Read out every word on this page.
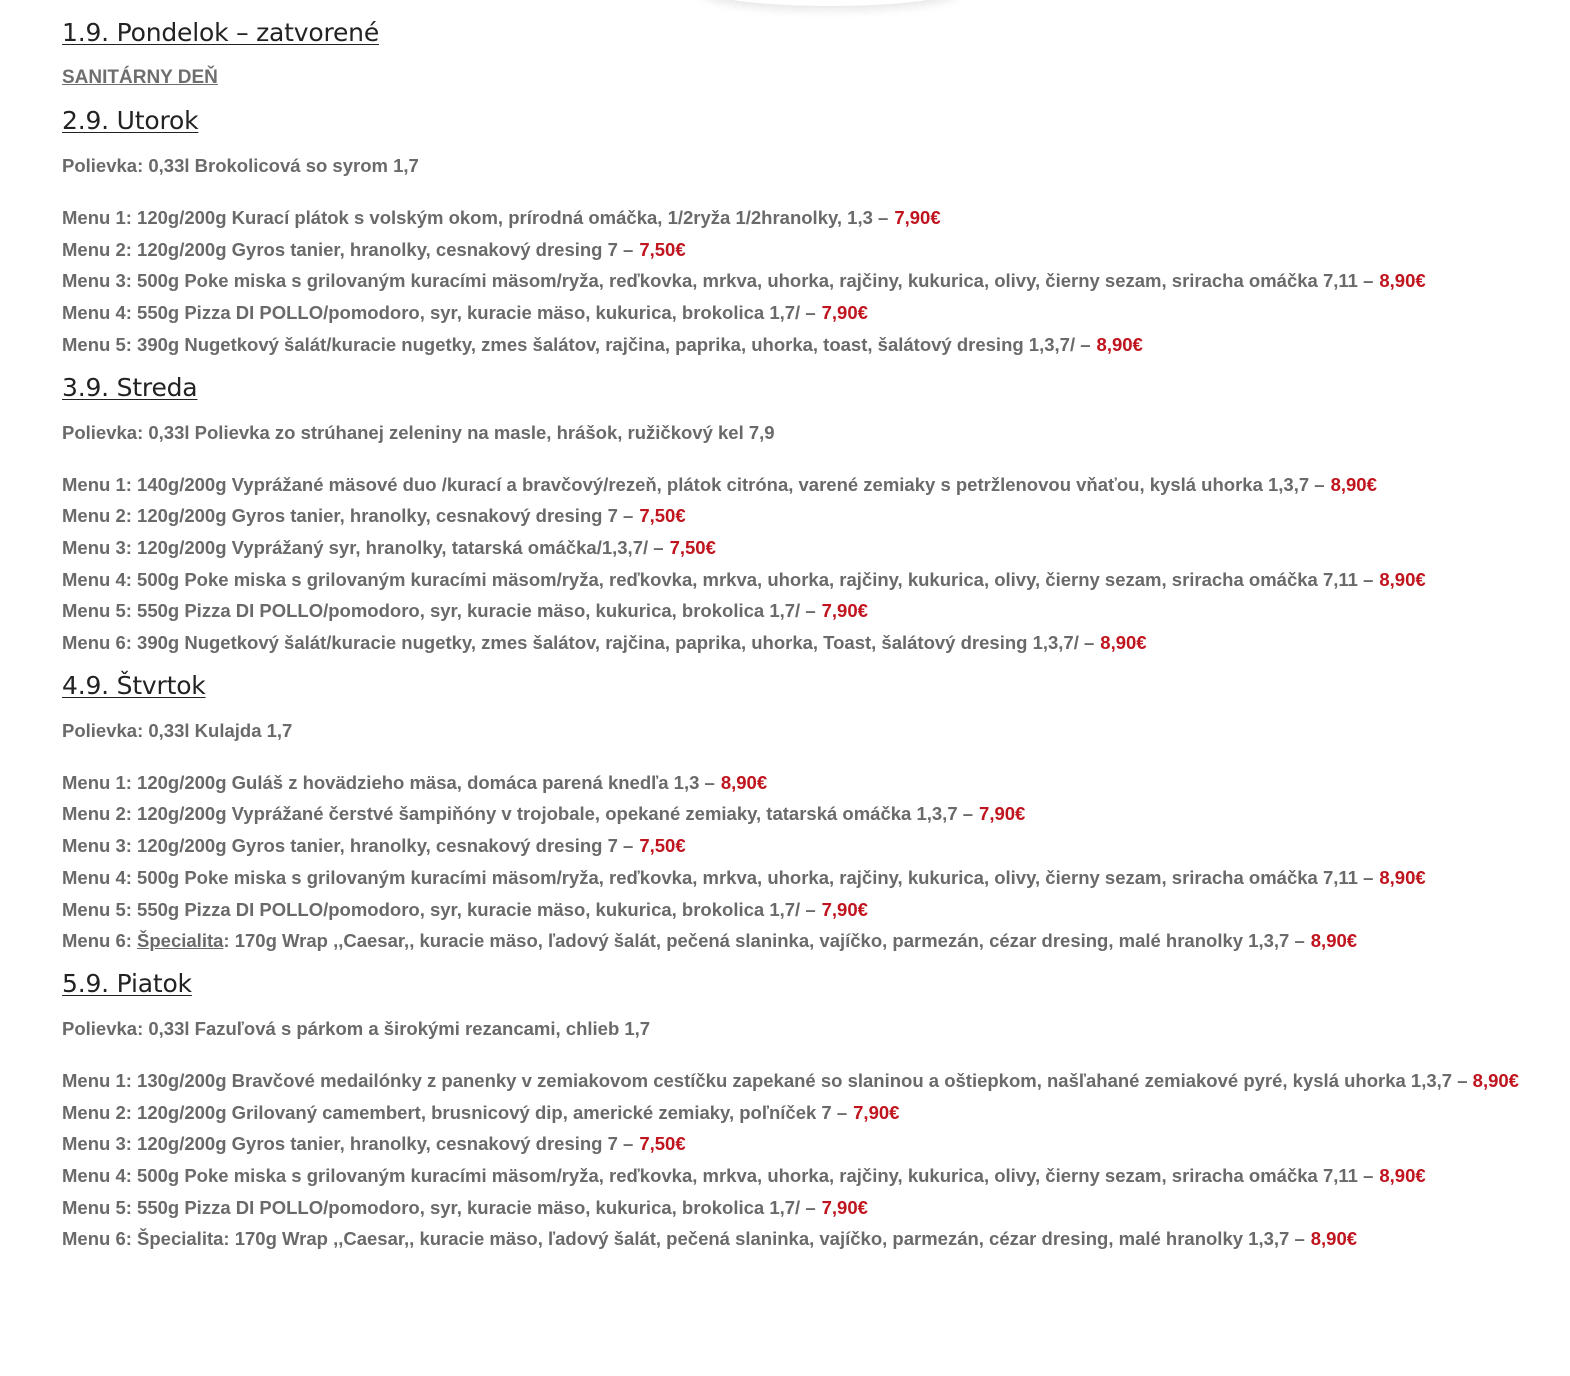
1.9. Pondelok – zatvorené
SANITÁRNY DEŇ
2.9. Utorok
Polievka: 0,33l Brokolicová so syrom 1,7
Menu 1: 120g/200g Kurací plátok s volským okom, prírodná omáčka, 1/2ryža 1/2hranolky, 1,3 – 7,90€
Menu 2: 120g/200g Gyros tanier, hranolky, cesnakový dresing 7 – 7,50€
Menu 3: 500g Poke miska s grilovaným kuracími mäsom/ryža, reďkovka, mrkva, uhorka, rajčiny, kukurica, olivy, čierny sezam, sriracha omáčka 7,11 – 8,90€
Menu 4: 550g Pizza DI POLLO/pomodoro, syr, kuracie mäso, kukurica, brokolica 1,7/ – 7,90€
Menu 5: 390g Nugetkový šalát/kuracie nugetky, zmes šalátov, rajčina, paprika, uhorka, toast, šalátový dresing 1,3,7/ – 8,90€
3.9. Streda
Polievka: 0,33l Polievka zo strúhanej zeleniny na masle, hrášok, ružičkový kel 7,9
Menu 1: 140g/200g Vyprážané mäsové duo /kurací a bravčový/rezeň, plátok citróna, varené zemiaky s petržlenovou vňaťou, kyslá uhorka 1,3,7 – 8,90€
Menu 2: 120g/200g Gyros tanier, hranolky, cesnakový dresing 7 – 7,50€
Menu 3: 120g/200g Vyprážaný syr, hranolky, tatarská omáčka/1,3,7/ – 7,50€
Menu 4: 500g Poke miska s grilovaným kuracími mäsom/ryža, reďkovka, mrkva, uhorka, rajčiny, kukurica, olivy, čierny sezam, sriracha omáčka 7,11 – 8,90€
Menu 5: 550g Pizza DI POLLO/pomodoro, syr, kuracie mäso, kukurica, brokolica 1,7/ – 7,90€
Menu 6: 390g Nugetkový šalát/kuracie nugetky, zmes šalátov, rajčina, paprika, uhorka, Toast, šalátový dresing 1,3,7/ – 8,90€
4.9. Štvrtok
Polievka: 0,33l Kulajda 1,7
Menu 1: 120g/200g Guláš z hovädzieho mäsa, domáca parená knedľa 1,3 – 8,90€
Menu 2: 120g/200g Vyprážané čerstvé šampiňóny v trojobale, opekané zemiaky, tatarská omáčka 1,3,7 – 7,90€
Menu 3: 120g/200g Gyros tanier, hranolky, cesnakový dresing 7 – 7,50€
Menu 4: 500g Poke miska s grilovaným kuracími mäsom/ryža, reďkovka, mrkva, uhorka, rajčiny, kukurica, olivy, čierny sezam, sriracha omáčka 7,11 – 8,90€
Menu 5: 550g Pizza DI POLLO/pomodoro, syr, kuracie mäso, kukurica, brokolica 1,7/ – 7,90€
Menu 6: Špecialita: 170g Wrap ,,Caesar,, kuracie mäso, ľadový šalát, pečená slaninka, vajíčko, parmezán, cézar dresing, malé hranolky 1,3,7 – 8,90€
5.9. Piatok
Polievka: 0,33l Fazuľová s párkom a širokými rezancami, chlieb 1,7
Menu 1: 130g/200g Bravčové medailónky z panenky v zemiakovom cestíčku zapekané so slaninou a oštiepkom, našľahané zemiakové pyré, kyslá uhorka 1,3,7 – 8,90€
Menu 2: 120g/200g Grilovaný camembert, brusnicový dip, americké zemiaky, poľníček 7 – 7,90€
Menu 3: 120g/200g Gyros tanier, hranolky, cesnakový dresing 7 – 7,50€
Menu 4: 500g Poke miska s grilovaným kuracími mäsom/ryža, reďkovka, mrkva, uhorka, rajčiny, kukurica, olivy, čierny sezam, sriracha omáčka 7,11 – 8,90€
Menu 5: 550g Pizza DI POLLO/pomodoro, syr, kuracie mäso, kukurica, brokolica 1,7/ – 7,90€
Menu 6: Špecialita: 170g Wrap ,,Caesar,, kuracie mäso, ľadový šalát, pečená slaninka, vajíčko, parmezán, cézar dresing, malé hranolky 1,3,7 – 8,90€
